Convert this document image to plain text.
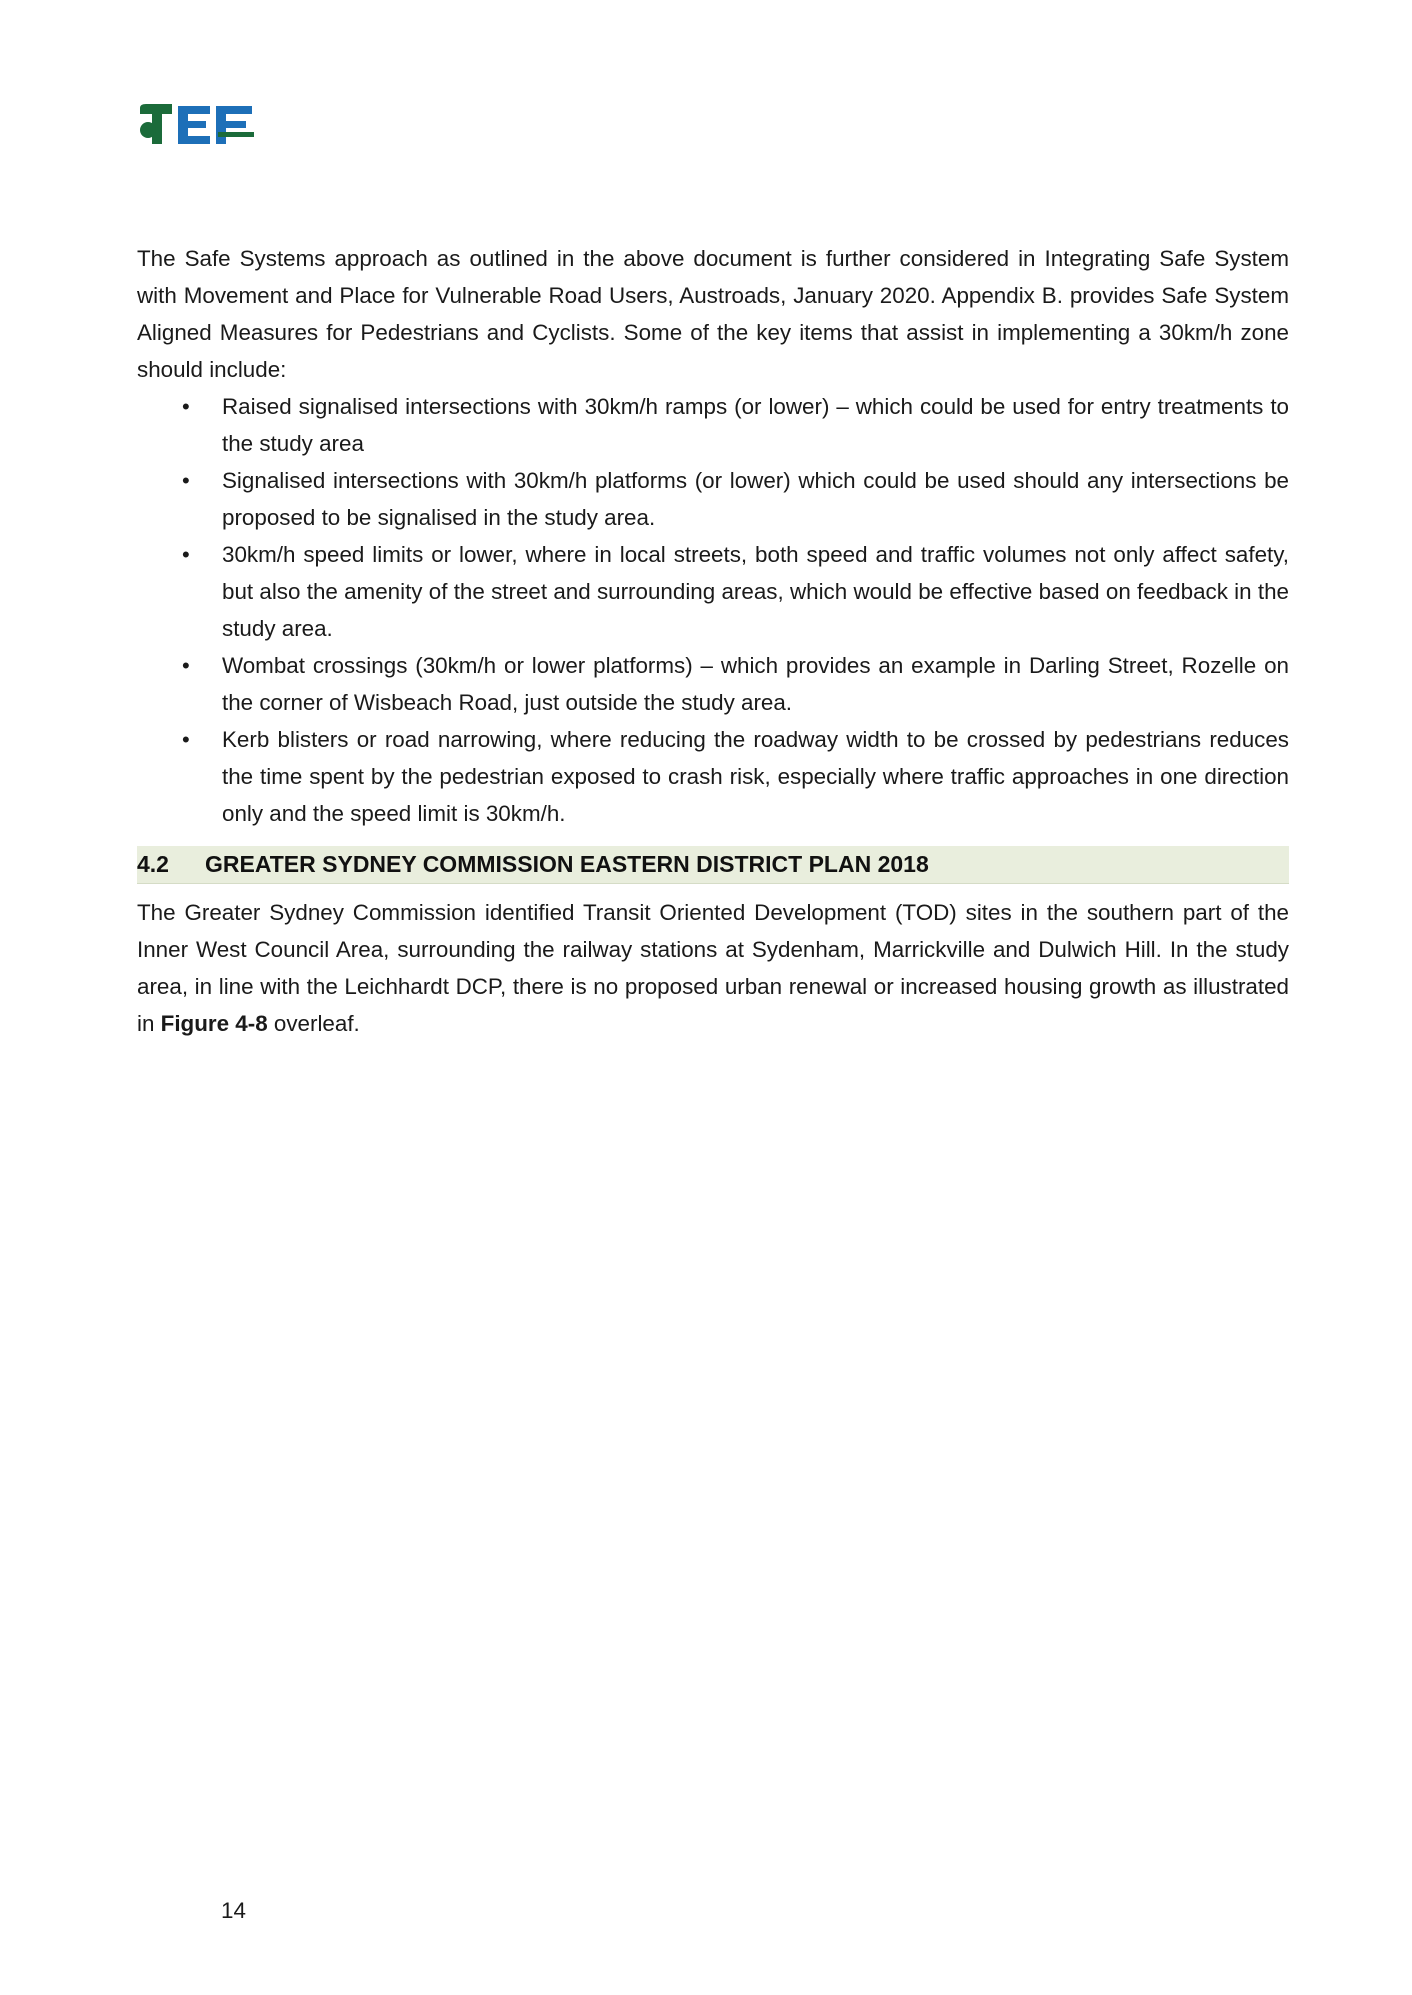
The Safe Systems approach as outlined in the above document is further considered in Integrating Safe System with Movement and Place for Vulnerable Road Users, Austroads, January 2020. Appendix B. provides Safe System Aligned Measures for Pedestrians and Cyclists. Some of the key items that assist in implementing a 30km/h zone should include:

• Raised signalised intersections with 30km/h ramps (or lower) – which could be used for entry treatments to the study area
• Signalised intersections with 30km/h platforms (or lower) which could be used should any intersections be proposed to be signalised in the study area.
• 30km/h speed limits or lower, where in local streets, both speed and traffic volumes not only affect safety, but also the amenity of the street and surrounding areas, which would be effective based on feedback in the study area.
• Wombat crossings (30km/h or lower platforms) – which provides an example in Darling Street, Rozelle on the corner of Wisbeach Road, just outside the study area.
• Kerb blisters or road narrowing, where reducing the roadway width to be crossed by pedestrians reduces the time spent by the pedestrian exposed to crash risk, especially where traffic approaches in one direction only and the speed limit is 30km/h.
4.2	GREATER SYDNEY COMMISSION EASTERN DISTRICT PLAN 2018

The Greater Sydney Commission identified Transit Oriented Development (TOD) sites in the southern part of the Inner West Council Area, surrounding the railway stations at Sydenham, Marrickville and Dulwich Hill. In the study area, in line with the Leichhardt DCP, there is no proposed urban renewal or increased housing growth as illustrated in Figure 4-8 overleaf.

14
